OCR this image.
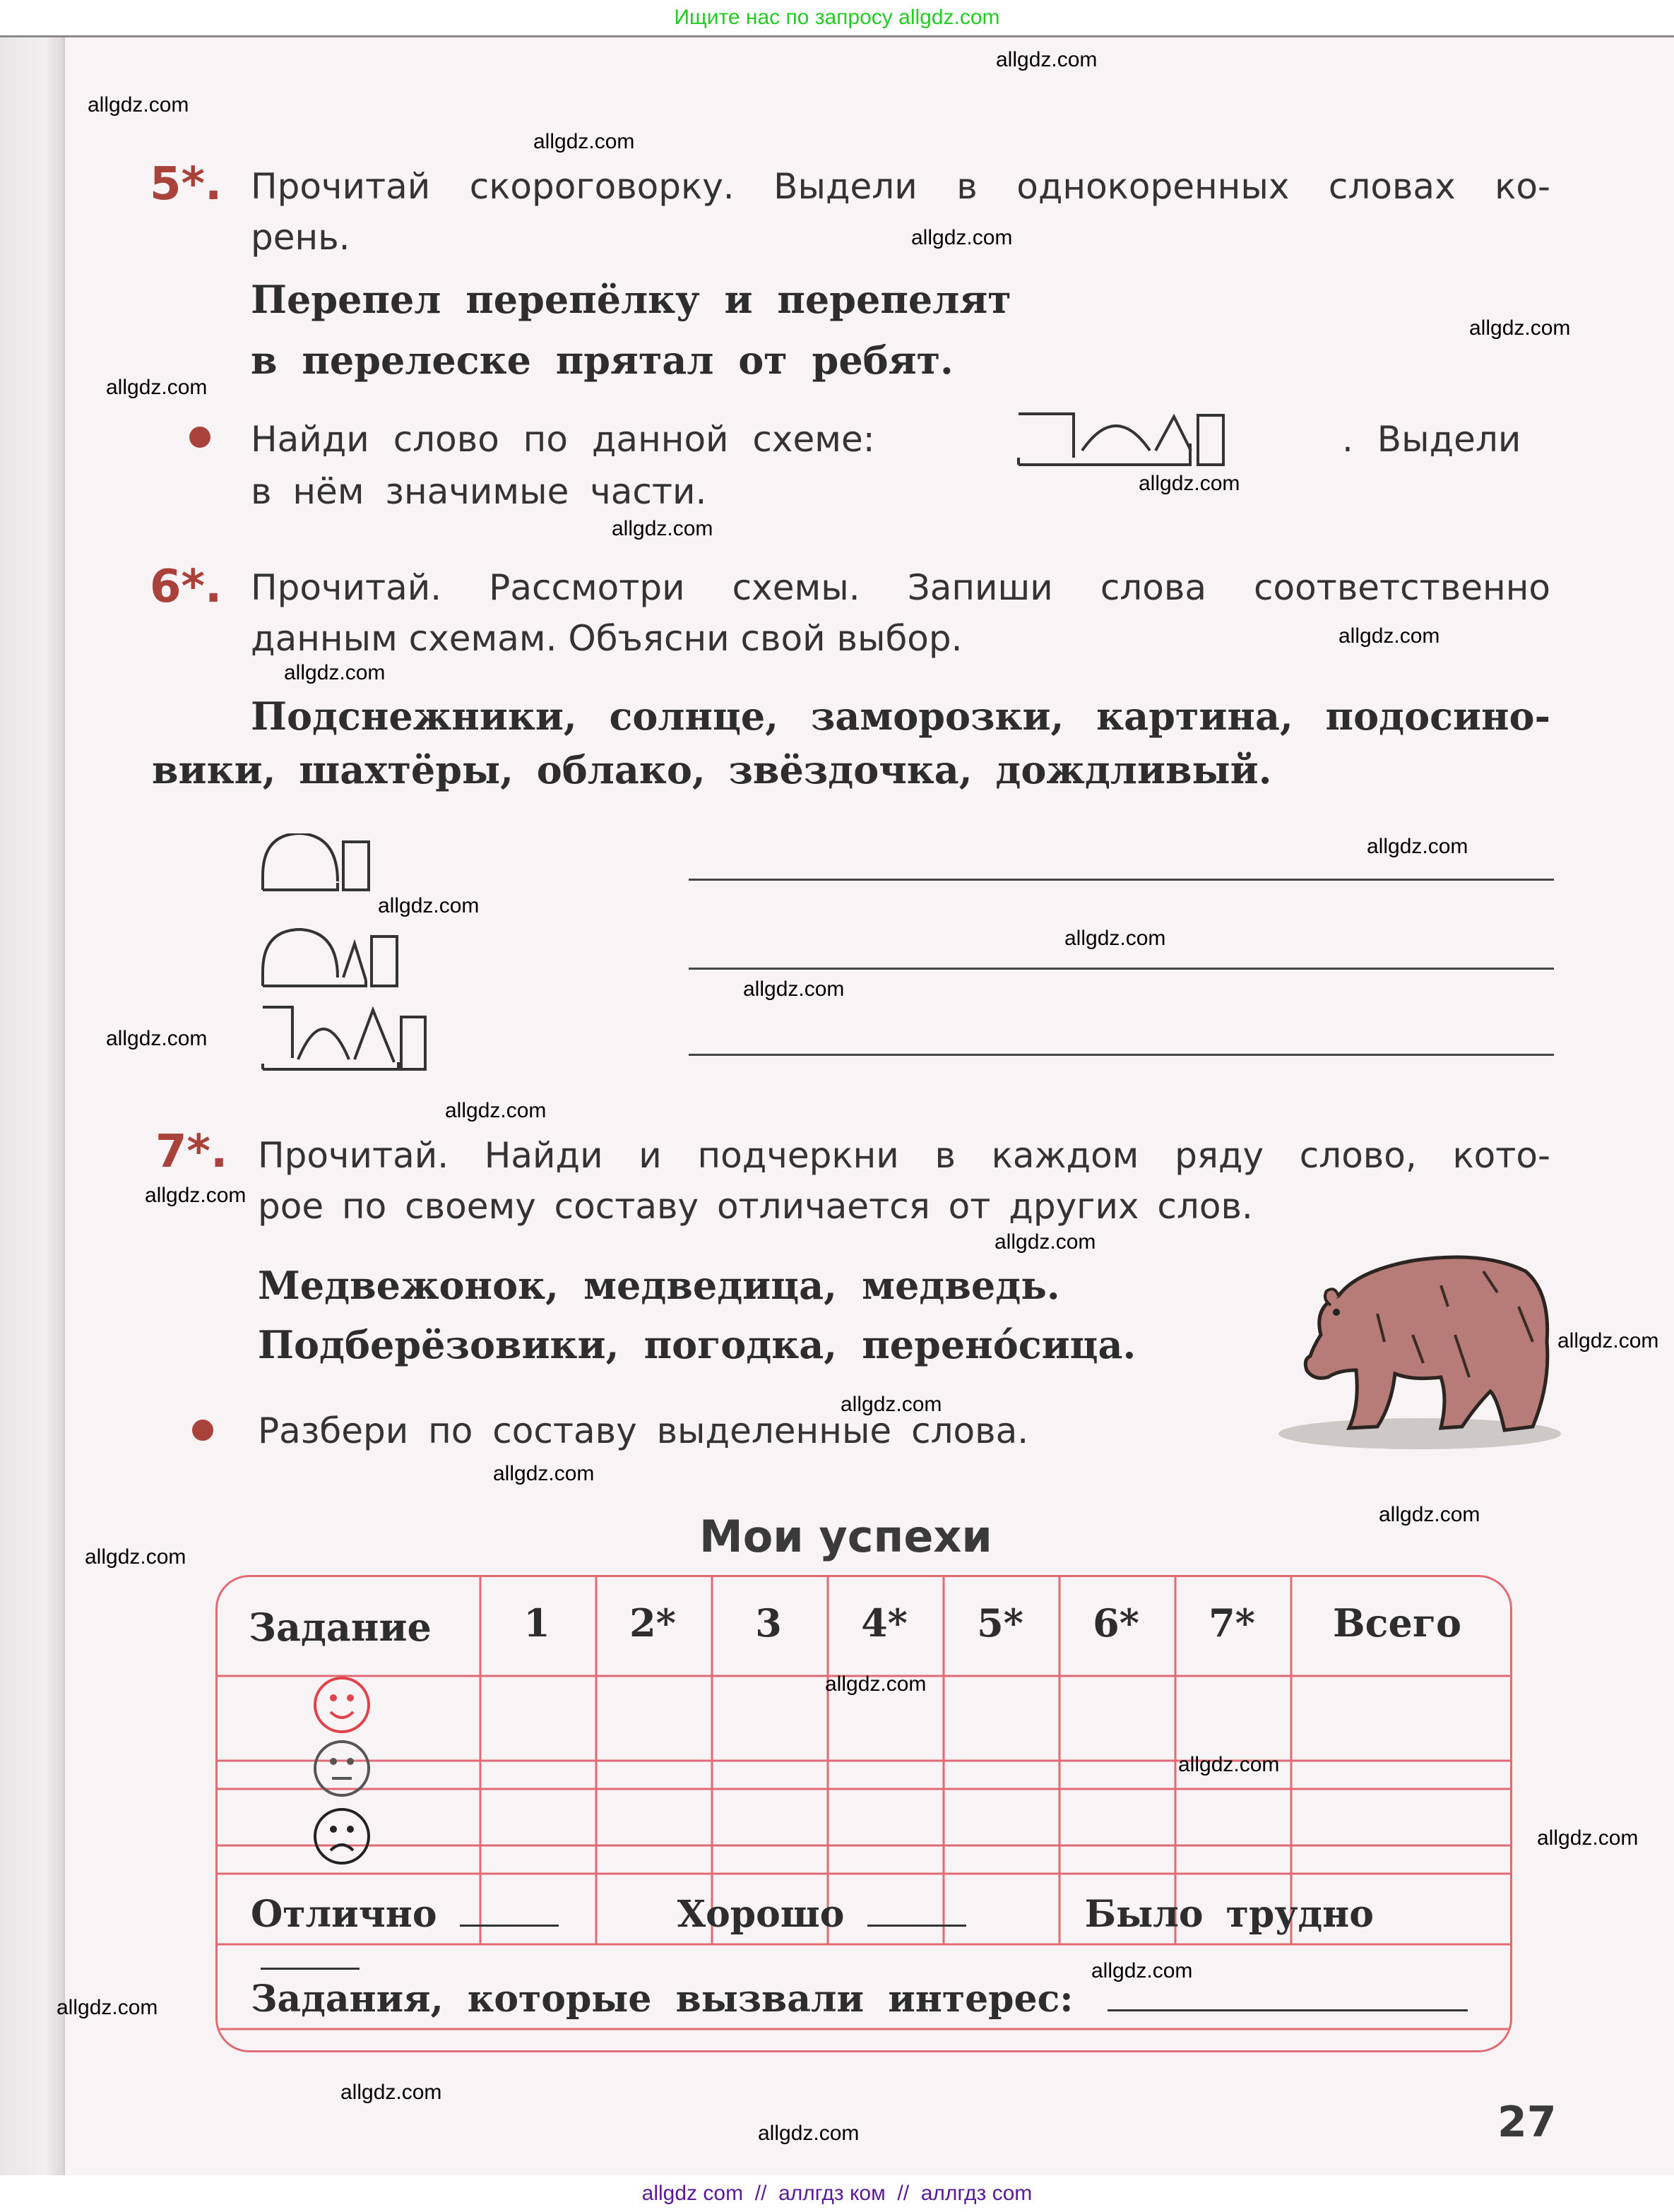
Ищите нас по запросу allgdz.com
5*. Прочитай скороговорку. Выдели в однокоренных словах ко-
рень.
Перепел перепёлку и перепелят
в перелеске прятал от ребят.
Найди слово по данной схеме:	. Выдели
в нём значимые части.
6*. Прочитай. Рассмотри схемы. Запиши слова соответственно
данным схемам. Объясни свой выбор.
Подснежники, солнце, заморозки, картина, подосино-
вики, шахтёры, облако, звёздочка, дождливый.
7*. Прочитай. Найди и подчеркни в каждом ряду слово, кото-
рое по своему составу отличается от других слов.
Медвежонок, медведица, медведь.
Подберёзовики, погодка, перено́сица.
Разбери по составу выделенные слова.
Мои успехи
Задание	1	2*	3	4*	5*	6*	7*	Всего
Отлично	Хорошо	Было трудно
Задания, которые вызвали интерес:
27
allgdz.com
allgdz.com
allgdz.com
allgdz.com
allgdz.com
allgdz.com
allgdz.com
allgdz.com
allgdz.com
allgdz.com
allgdz.com
allgdz.com
allgdz.com
allgdz.com
allgdz.com
allgdz.com
allgdz.com
allgdz.com
allgdz.com
allgdz.com
allgdz.com
allgdz.com
allgdz.com
allgdz.com
allgdz.com
allgdz.com
allgdz.com
allgdz.com
allgdz.com
allgdz.com
allgdz com  //  аллгдз ком  //  аллгдз com
